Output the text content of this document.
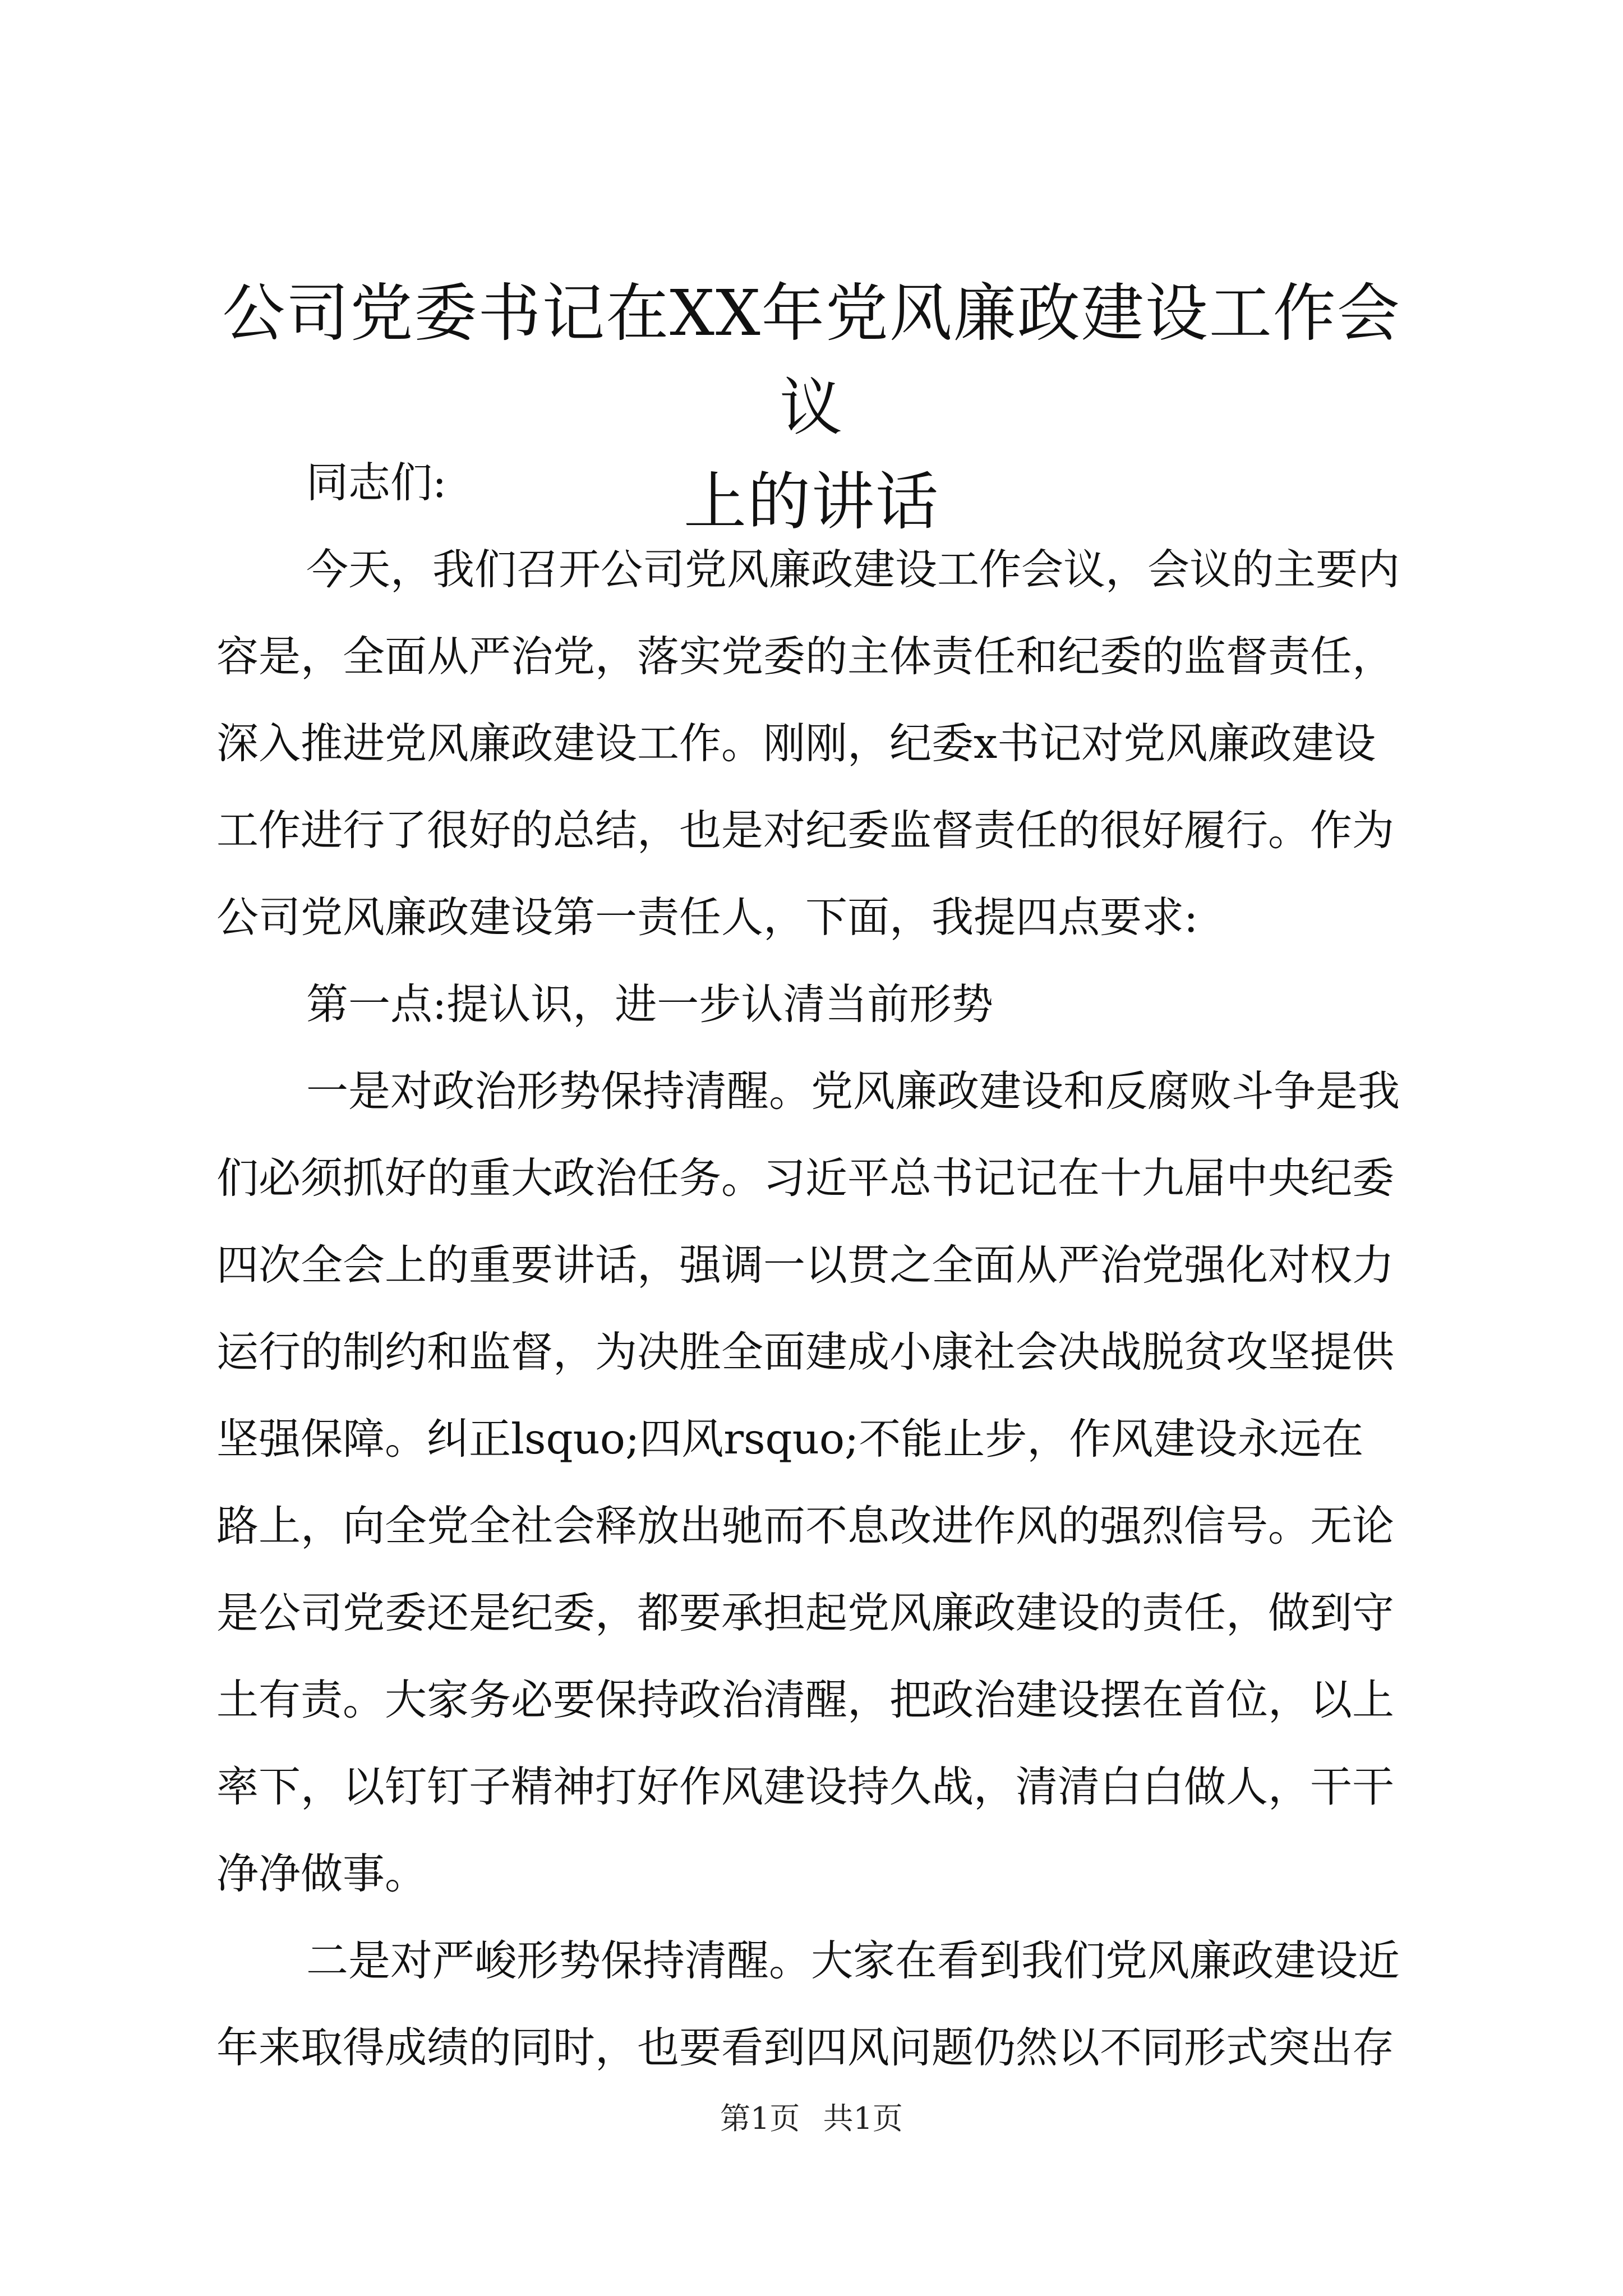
公司党委书记在XX年党风廉政建设工作会议
上的讲话
同志们:
今天，我们召开公司党风廉政建设工作会议，会议的主要内
容是，全面从严治党，落实党委的主体责任和纪委的监督责任，
深入推进党风廉政建设工作。刚刚，纪委x书记对党风廉政建设
工作进行了很好的总结，也是对纪委监督责任的很好履行。作为
公司党风廉政建设第一责任人，下面，我提四点要求:
第一点:提认识，进一步认清当前形势
一是对政治形势保持清醒。党风廉政建设和反腐败斗争是我
们必须抓好的重大政治任务。习近平总书记记在十九届中央纪委
四次全会上的重要讲话，强调一以贯之全面从严治党强化对权力
运行的制约和监督，为决胜全面建成小康社会决战脱贫攻坚提供
坚强保障。纠正lsquo;四风rsquo;不能止步，作风建设永远在
路上，向全党全社会释放出驰而不息改进作风的强烈信号。无论
是公司党委还是纪委，都要承担起党风廉政建设的责任，做到守
土有责。大家务必要保持政治清醒，把政治建设摆在首位，以上
率下，以钉钉子精神打好作风建设持久战，清清白白做人，干干
净净做事。
二是对严峻形势保持清醒。大家在看到我们党风廉政建设近
年来取得成绩的同时，也要看到四风问题仍然以不同形式突出存
第1页 共1页
